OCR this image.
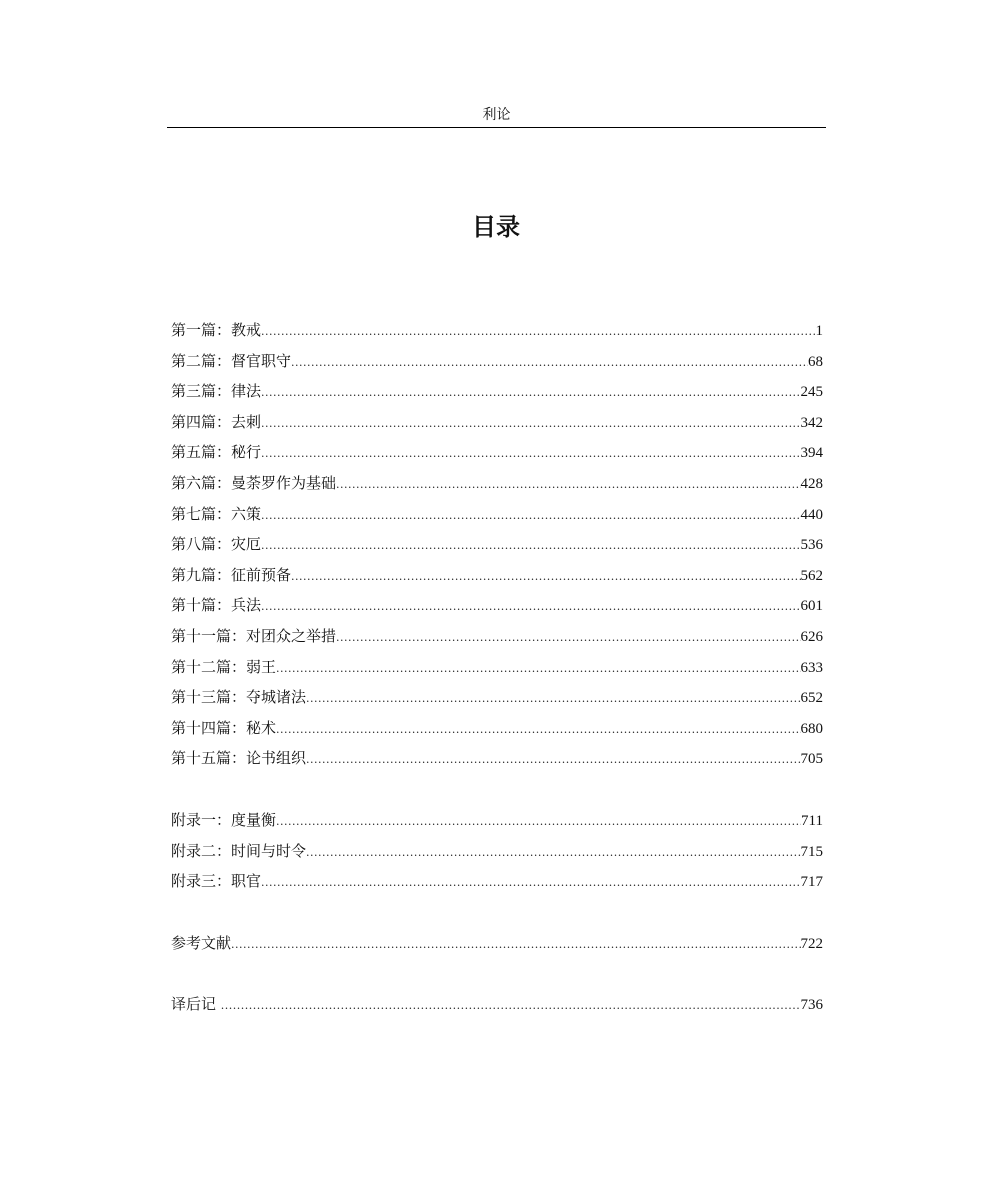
利论
目录
第一篇：教戒 .....	1
第二篇：督官职守 .....	68
第三篇：律法 .....	245
第四篇：去刺 .....	342
第五篇：秘行 .....	394
第六篇：曼荼罗作为基础 .....	428
第七篇：六策 .....	440
第八篇：灾厄 .....	536
第九篇：征前预备 .....	562
第十篇：兵法 .....	601
第十一篇：对团众之举措 .....	626
第十二篇：弱王 .....	633
第十三篇：夺城诸法 .....	652
第十四篇：秘术 .....	680
第十五篇：论书组织 .....	705
附录一：度量衡 .....	711
附录二：时间与时令 .....	715
附录三：职官 .....	717
参考文献 .....	722
译后记 .....	736
